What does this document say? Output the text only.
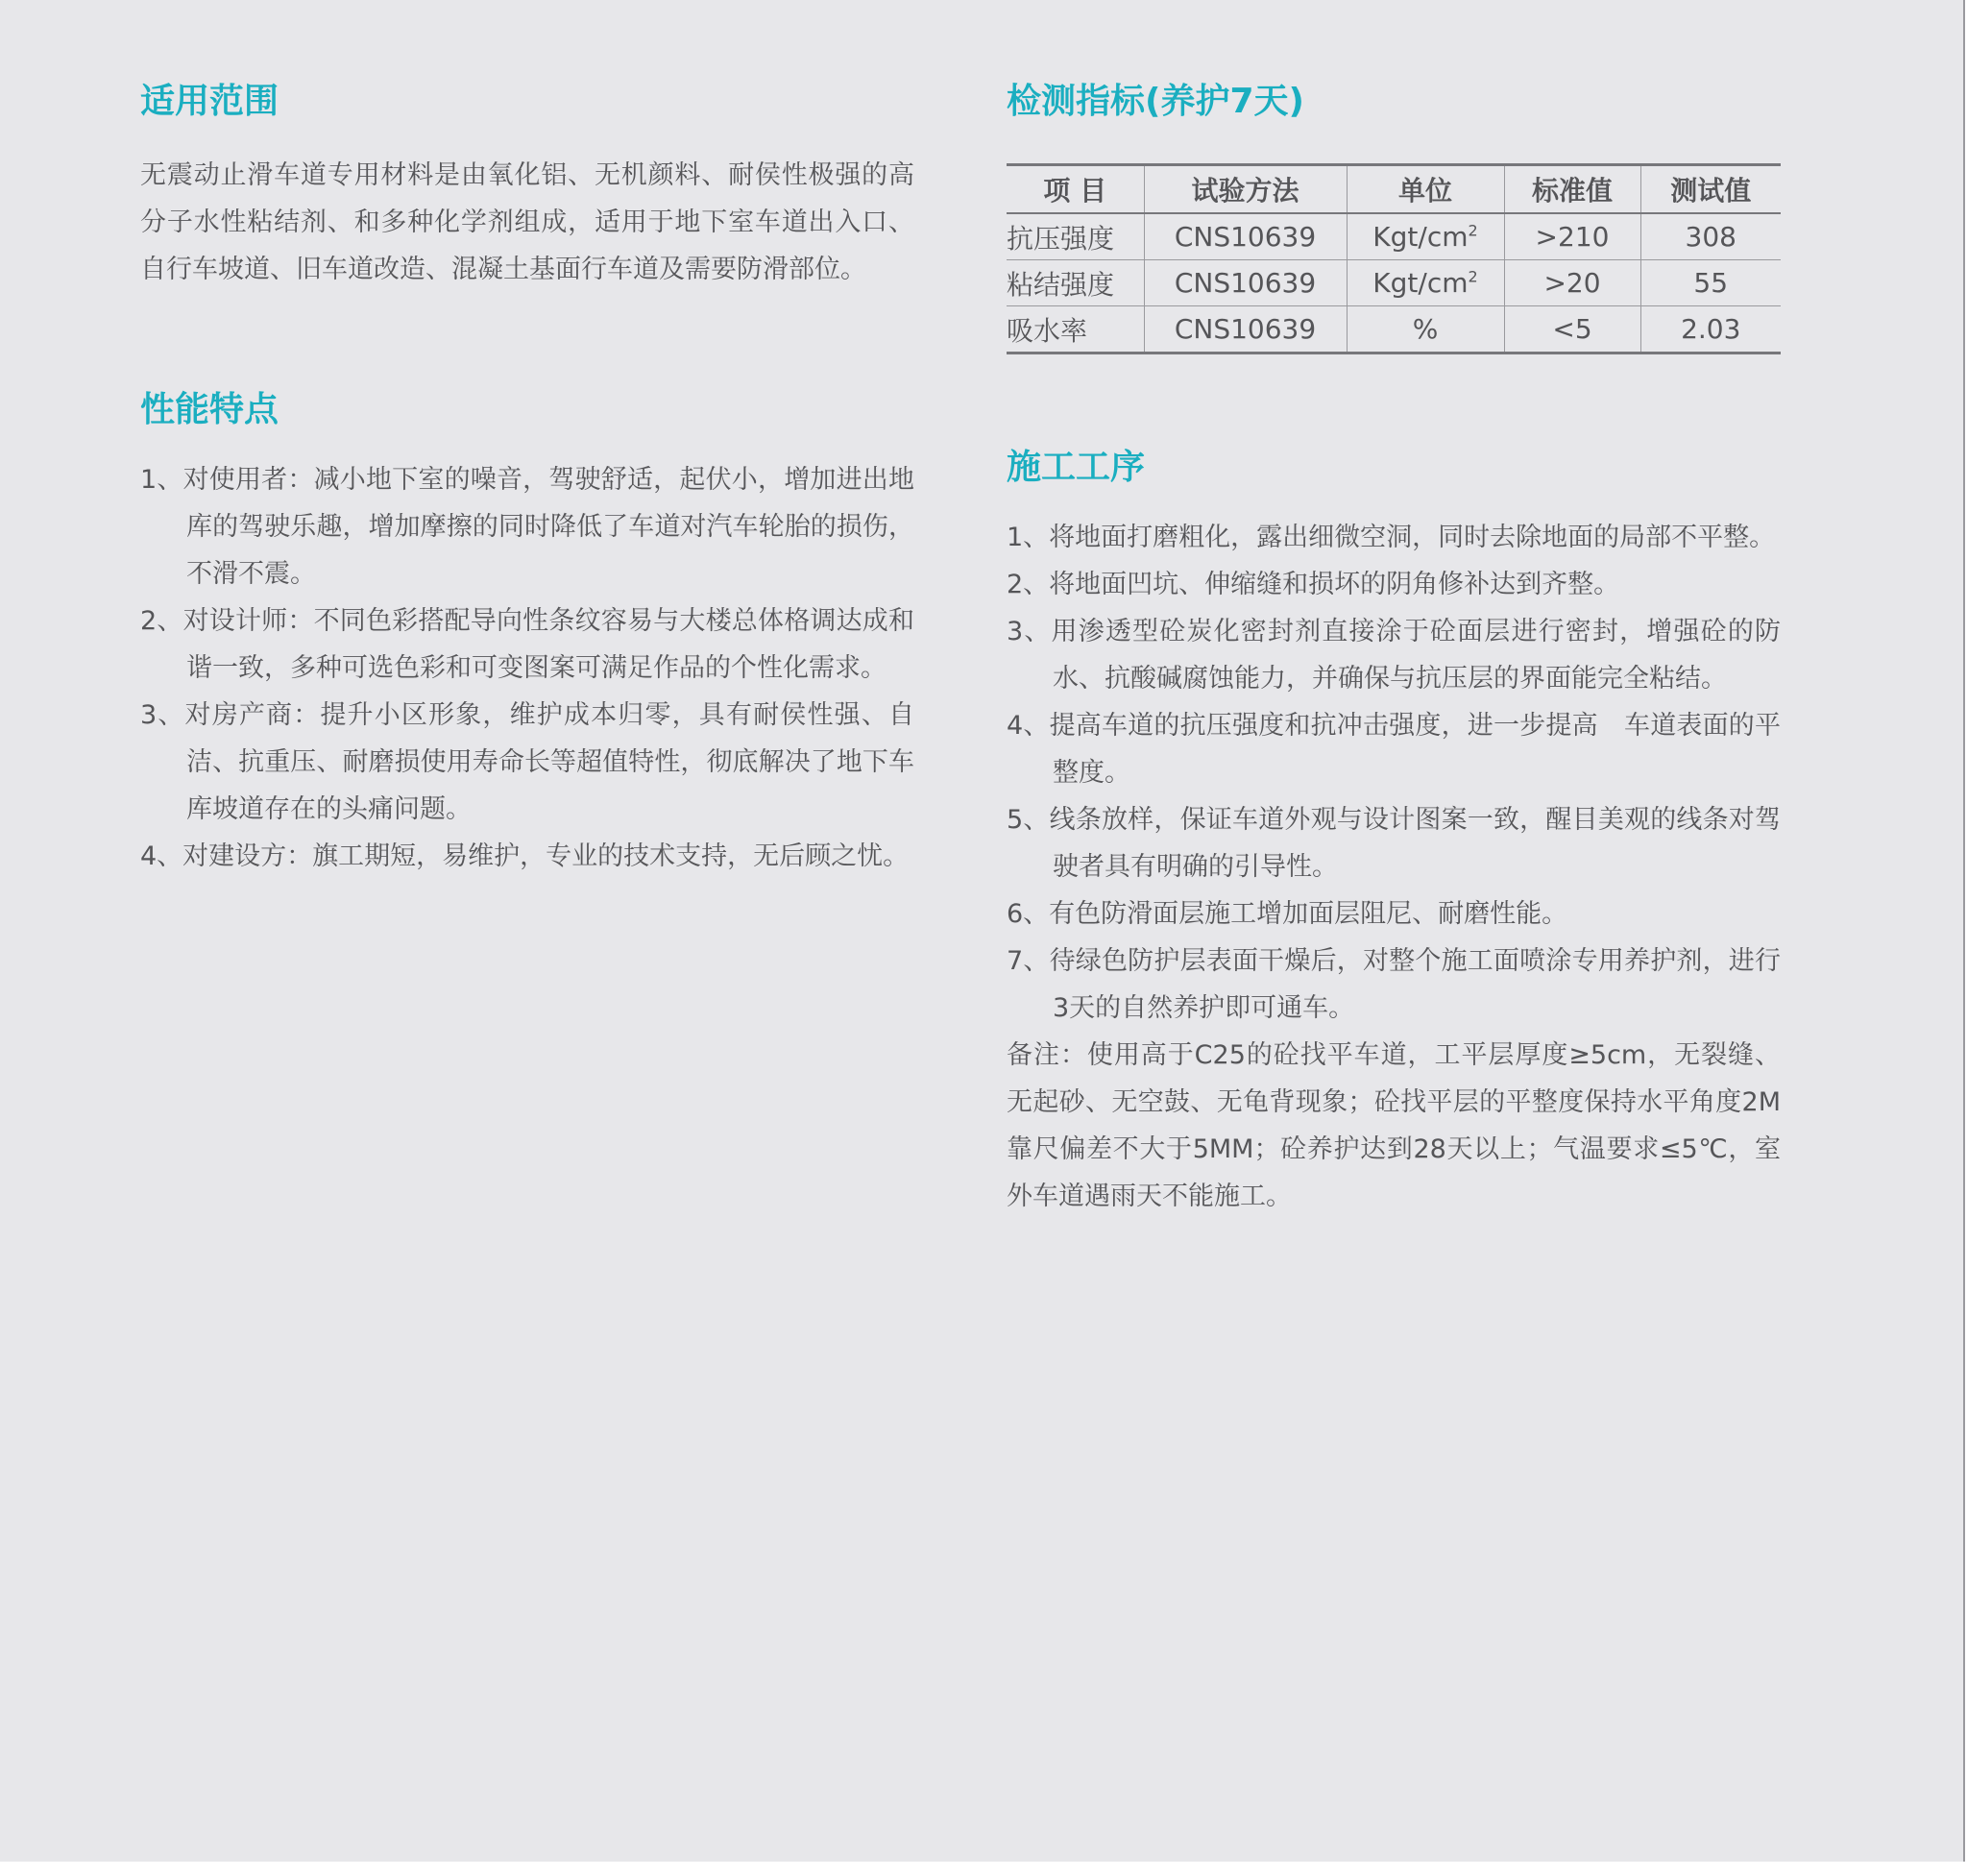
适用范围

无震动止滑车道专用材料是由氧化铝、无机颜料、耐侯性极强的高分子水性粘结剂、和多种化学剂组成，适用于地下室车道出入口、自行车坡道、旧车道改造、混凝土基面行车道及需要防滑部位。

性能特点
1、对使用者：减小地下室的噪音，驾驶舒适，起伏小，增加进出地库的驾驶乐趣，增加摩擦的同时降低了车道对汽车轮胎的损伤，不滑不震。
2、对设计师：不同色彩搭配导向性条纹容易与大楼总体格调达成和谐一致，多种可选色彩和可变图案可满足作品的个性化需求。
3、对房产商：提升小区形象，维护成本归零，具有耐侯性强、自洁、抗重压、耐磨损使用寿命长等超值特性，彻底解决了地下车库坡道存在的头痛问题。
4、对建设方：旗工期短，易维护，专业的技术支持，无后顾之忧。
检测指标(养护7天)
项 目	试验方法	单位	标准值	测试值
抗压强度	CNS10639	Kgt/$cm^2$	>210	308
粘结强度	CNS10639	Kgt/$cm^2$	>20	55
吸水率	CNS10639	%	<5	2.03
施工工序
1、将地面打磨粗化，露出细微空洞，同时去除地面的局部不平整。
2、将地面凹坑、伸缩缝和损坏的阴角修补达到齐整。
3、用渗透型砼炭化密封剂直接涂于砼面层进行密封，增强砼的防水、抗酸碱腐蚀能力，并确保与抗压层的界面能完全粘结。
4、提高车道的抗压强度和抗冲击强度，进一步提高　车道表面的平整度。
5、线条放样，保证车道外观与设计图案一致，醒目美观的线条对驾驶者具有明确的引导性。
6、有色防滑面层施工增加面层阻尼、耐磨性能。
7、待绿色防护层表面干燥后，对整个施工面喷涂专用养护剂，进行3天的自然养护即可通车。

备注：使用高于C25的砼找平车道，工平层厚度≥5cm，无裂缝、无起砂、无空鼓、无龟背现象；砼找平层的平整度保持水平角度2M靠尺偏差不大于5MM；砼养护达到28天以上；气温要求≤5℃，室外车道遇雨天不能施工。
